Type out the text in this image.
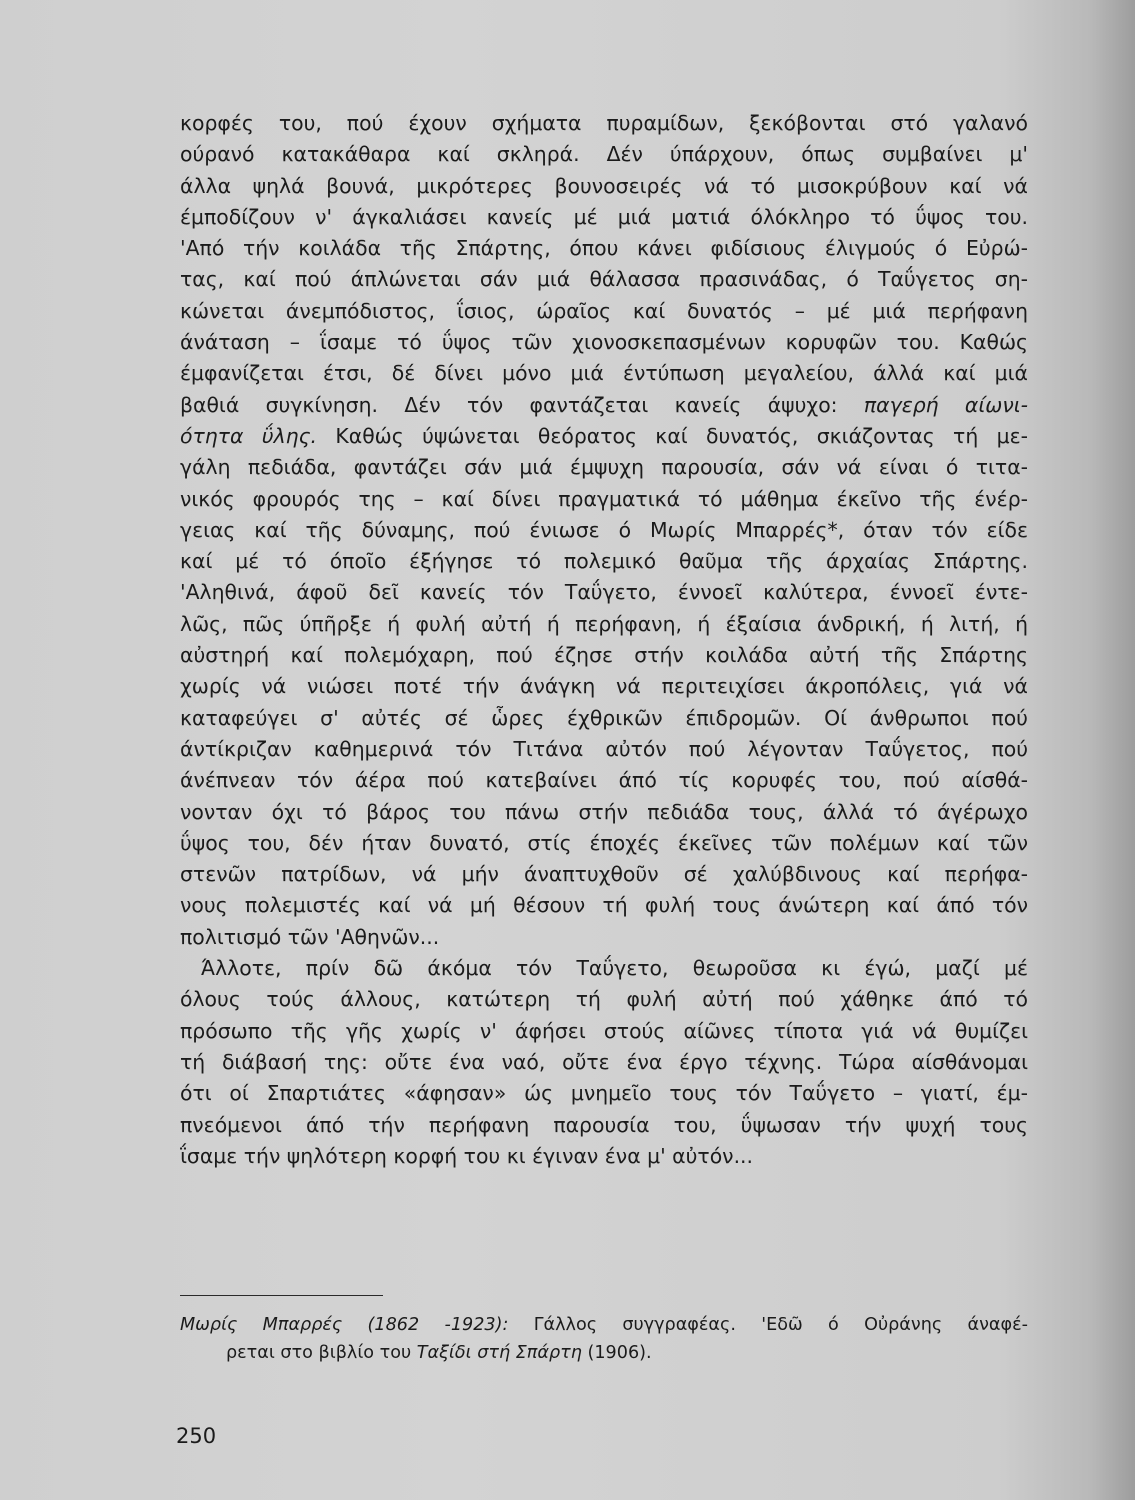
κορφές του, πού έχουν σχήματα πυραμίδων, ξεκόβονται στό γαλανό
ούρανό κατακάθαρα καί σκληρά. Δέν ύπάρχουν, όπως συμβαίνει μ'
άλλα ψηλά βουνά, μικρότερες βουνοσειρές νά τό μισοκρύβουν καί νά
έμποδίζουν ν' άγκαλιάσει κανείς μέ μιά ματιά όλόκληρο τό ΰψος του.
'Από τήν κοιλάδα τῆς Σπάρτης, όπου κάνει φιδίσιους έλιγμούς ό Εὐρώ-
τας, καί πού άπλώνεται σάν μιά θάλασσα πρασινάδας, ό Ταΰγετος ση-
κώνεται άνεμπόδιστος, ΐσιος, ώραῖος καί δυνατός – μέ μιά περήφανη
άνάταση – ΐσαμε τό ΰψος τῶν χιονοσκεπασμένων κορυφῶν του. Καθώς
έμφανίζεται έτσι, δέ δίνει μόνο μιά έντύπωση μεγαλείου, άλλά καί μιά
βαθιά συγκίνηση. Δέν τόν φαντάζεται κανείς άψυχο: παγερή αίωνι-
ότητα ΰλης. Καθώς ύψώνεται θεόρατος καί δυνατός, σκιάζοντας τή με-
γάλη πεδιάδα, φαντάζει σάν μιά έμψυχη παρουσία, σάν νά είναι ό τιτα-
νικός φρουρός της – καί δίνει πραγματικά τό μάθημα έκεῖνο τῆς ένέρ-
γειας καί τῆς δύναμης, πού ένιωσε ό Μωρίς Μπαρρές*, όταν τόν είδε
καί μέ τό όποῖο έξήγησε τό πολεμικό θαῦμα τῆς άρχαίας Σπάρτης.
'Αληθινά, άφοῦ δεῖ κανείς τόν Ταΰγετο, έννοεῖ καλύτερα, έννοεῖ έντε-
λῶς, πῶς ύπῆρξε ή φυλή αὐτή ή περήφανη, ή έξαίσια άνδρική, ή λιτή, ή
αὐστηρή καί πολεμόχαρη, πού έζησε στήν κοιλάδα αὐτή τῆς Σπάρτης
χωρίς νά νιώσει ποτέ τήν άνάγκη νά περιτειχίσει άκροπόλεις, γιά νά
καταφεύγει σ' αὐτές σέ ὧρες έχθρικῶν έπιδρομῶν. Οί άνθρωποι πού
άντίκριζαν καθημερινά τόν Τιτάνα αὐτόν πού λέγονταν Ταΰγετος, πού
άνέπνεαν τόν άέρα πού κατεβαίνει άπό τίς κορυφές του, πού αίσθά-
νονταν όχι τό βάρος του πάνω στήν πεδιάδα τους, άλλά τό άγέρωχο
ΰψος του, δέν ήταν δυνατό, στίς έποχές έκεῖνες τῶν πολέμων καί τῶν
στενῶν πατρίδων, νά μήν άναπτυχθοῦν σέ χαλύβδινους καί περήφα-
νους πολεμιστές καί νά μή θέσουν τή φυλή τους άνώτερη καί άπό τόν
πολιτισμό τῶν 'Αθηνῶν...
Άλλοτε, πρίν δῶ άκόμα τόν Ταΰγετο, θεωροῦσα κι έγώ, μαζί μέ
όλους τούς άλλους, κατώτερη τή φυλή αὐτή πού χάθηκε άπό τό
πρόσωπο τῆς γῆς χωρίς ν' άφήσει στούς αίῶνες τίποτα γιά νά θυμίζει
τή διάβασή της: οὔτε ένα ναό, οὔτε ένα έργο τέχνης. Τώρα αίσθάνομαι
ότι οί Σπαρτιάτες «άφησαν» ώς μνημεῖο τους τόν Ταΰγετο – γιατί, έμ-
πνεόμενοι άπό τήν περήφανη παρουσία του, ΰψωσαν τήν ψυχή τους
ΐσαμε τήν ψηλότερη κορφή του κι έγιναν ένα μ' αὐτόν...
Μωρίς Μπαρρές (1862 -1923): Γάλλος συγγραφέας. 'Εδῶ ό Οὐράνης άναφέ-
ρεται στο βιβλίο του Ταξίδι στή Σπάρτη (1906).
250
